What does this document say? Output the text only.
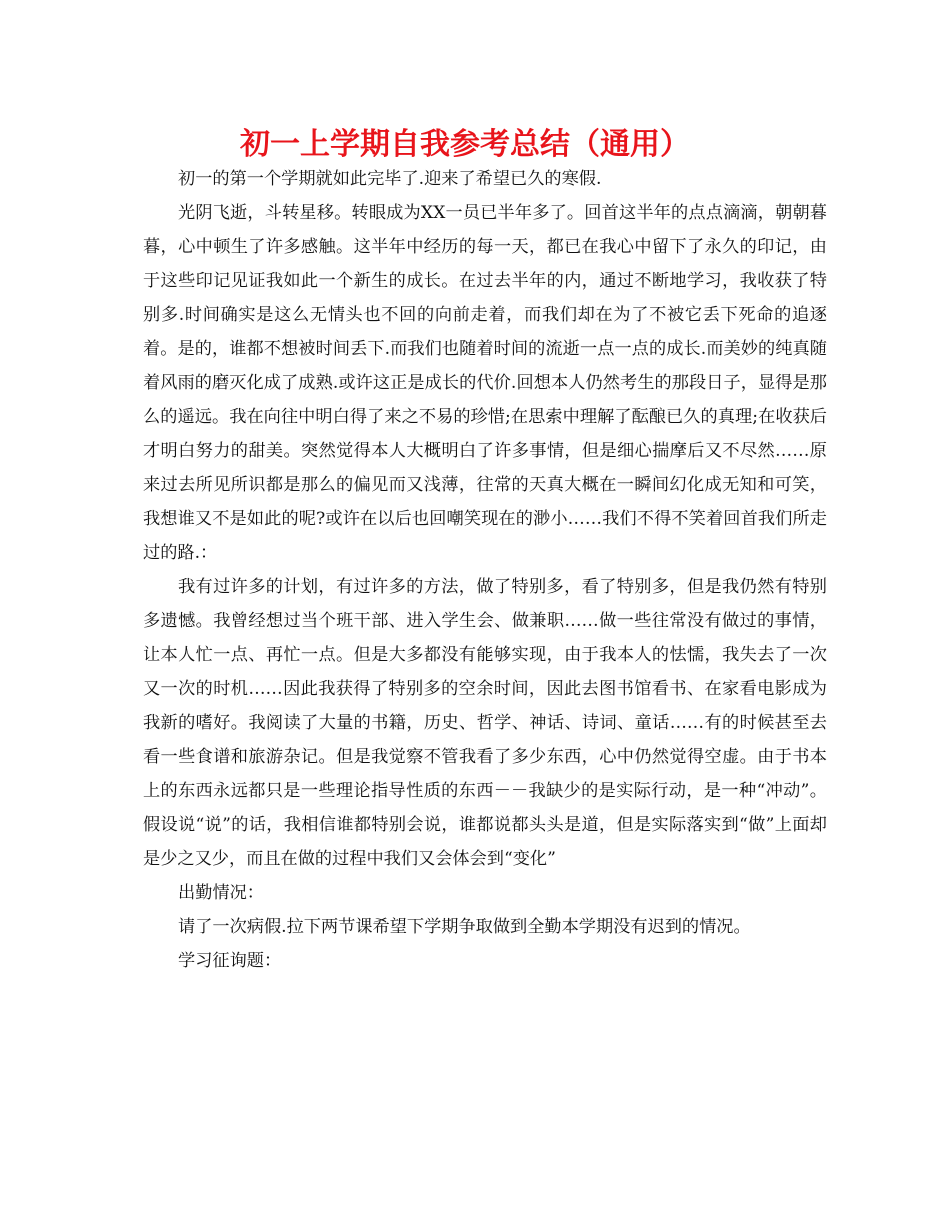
初一上学期自我参考总结（通用）

初一的第一个学期就如此完毕了.迎来了希望已久的寒假.

光阴飞逝，斗转星移。转眼成为XX一员已半年多了。回首这半年的点点滴滴，朝朝暮暮，心中顿生了许多感触。这半年中经历的每一天，都已在我心中留下了永久的印记，由于这些印记见证我如此一个新生的成长。在过去半年的内，通过不断地学习，我收获了特别多.时间确实是这么无情头也不回的向前走着，而我们却在为了不被它丢下死命的追逐着。是的，谁都不想被时间丢下.而我们也随着时间的流逝一点一点的成长.而美妙的纯真随着风雨的磨灭化成了成熟.或许这正是成长的代价.回想本人仍然考生的那段日子，显得是那么的遥远。我在向往中明白得了来之不易的珍惜;在思索中理解了酝酿已久的真理;在收获后才明白努力的甜美。突然觉得本人大概明白了许多事情，但是细心揣摩后又不尽然……原来过去所见所识都是那么的偏见而又浅薄，往常的天真大概在一瞬间幻化成无知和可笑，我想谁又不是如此的呢?或许在以后也回嘲笑现在的渺小……我们不得不笑着回首我们所走过的路.：

我有过许多的计划，有过许多的方法，做了特别多，看了特别多，但是我仍然有特别多遗憾。我曾经想过当个班干部、进入学生会、做兼职……做一些往常没有做过的事情，让本人忙一点、再忙一点。但是大多都没有能够实现，由于我本人的怯懦，我失去了一次又一次的时机……因此我获得了特别多的空余时间，因此去图书馆看书、在家看电影成为我新的嗜好。我阅读了大量的书籍，历史、哲学、神话、诗词、童话……有的时候甚至去看一些食谱和旅游杂记。但是我觉察不管我看了多少东西，心中仍然觉得空虚。由于书本上的东西永远都只是一些理论指导性质的东西－－我缺少的是实际行动，是一种“冲动”。假设说“说”的话，我相信谁都特别会说，谁都说都头头是道，但是实际落实到“做”上面却是少之又少，而且在做的过程中我们又会体会到“变化”

出勤情况：

请了一次病假.拉下两节课希望下学期争取做到全勤本学期没有迟到的情况。

学习征询题：
